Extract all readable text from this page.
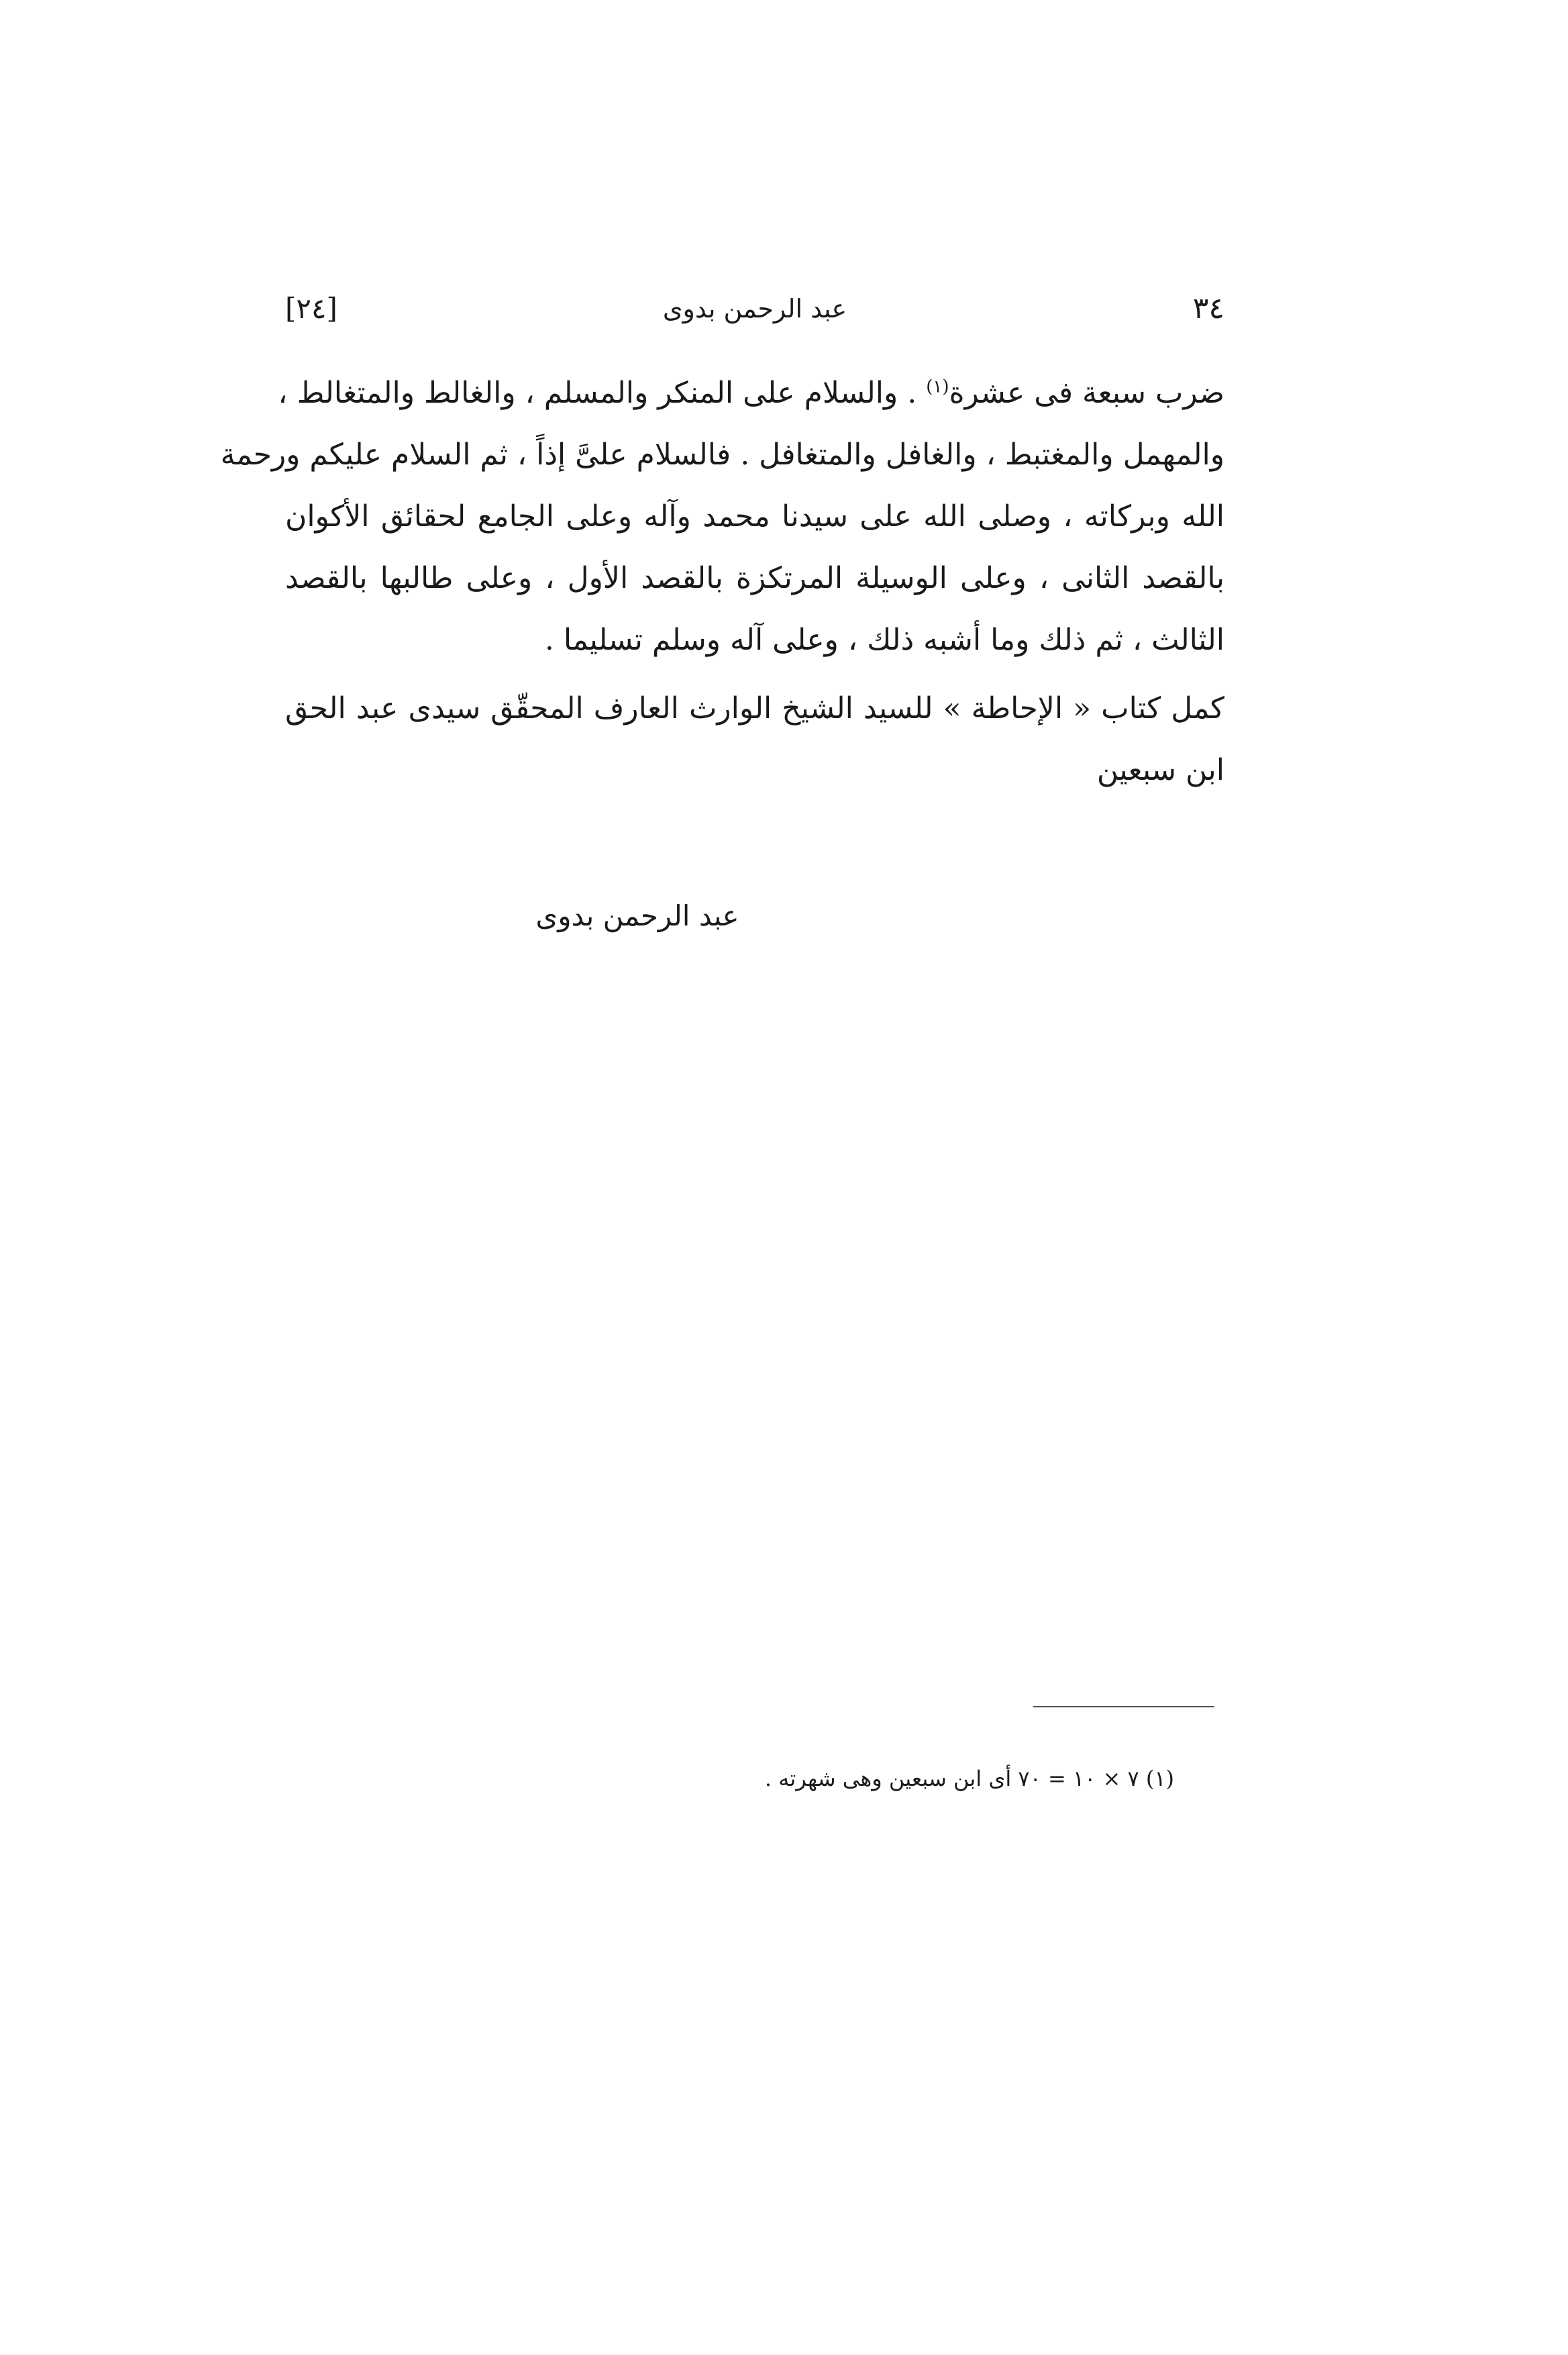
[٢٤]	عبد الرحمن بدوى	٣٤
ضرب سبعة فى عشرة$^{(١)}$ . والسلام على المنكر والمسلم ، والغالط والمتغالط ،
والمهمل والمغتبط ، والغافل والمتغافل . فالسلام علىَّ إذاً ، ثم السلام عليكم ورحمة
الله وبركاته ، وصلى الله على سيدنا محمد وآله وعلى الجامع لحقائق الأكوان
بالقصد الثانى ، وعلى الوسيلة المرتكزة بالقصد الأول ، وعلى طالبها بالقصد
الثالث ، ثم ذلك وما أشبه ذلك ، وعلى آله وسلم تسليما .
كمل كتاب « الإحاطة » للسيد الشيخ الوارث العارف المحقّق سيدى عبد الحق
ابن سبعين
عبد الرحمن بدوى
(١) ٧ × ١٠ = ٧٠ أى ابن سبعين وهى شهرته .
